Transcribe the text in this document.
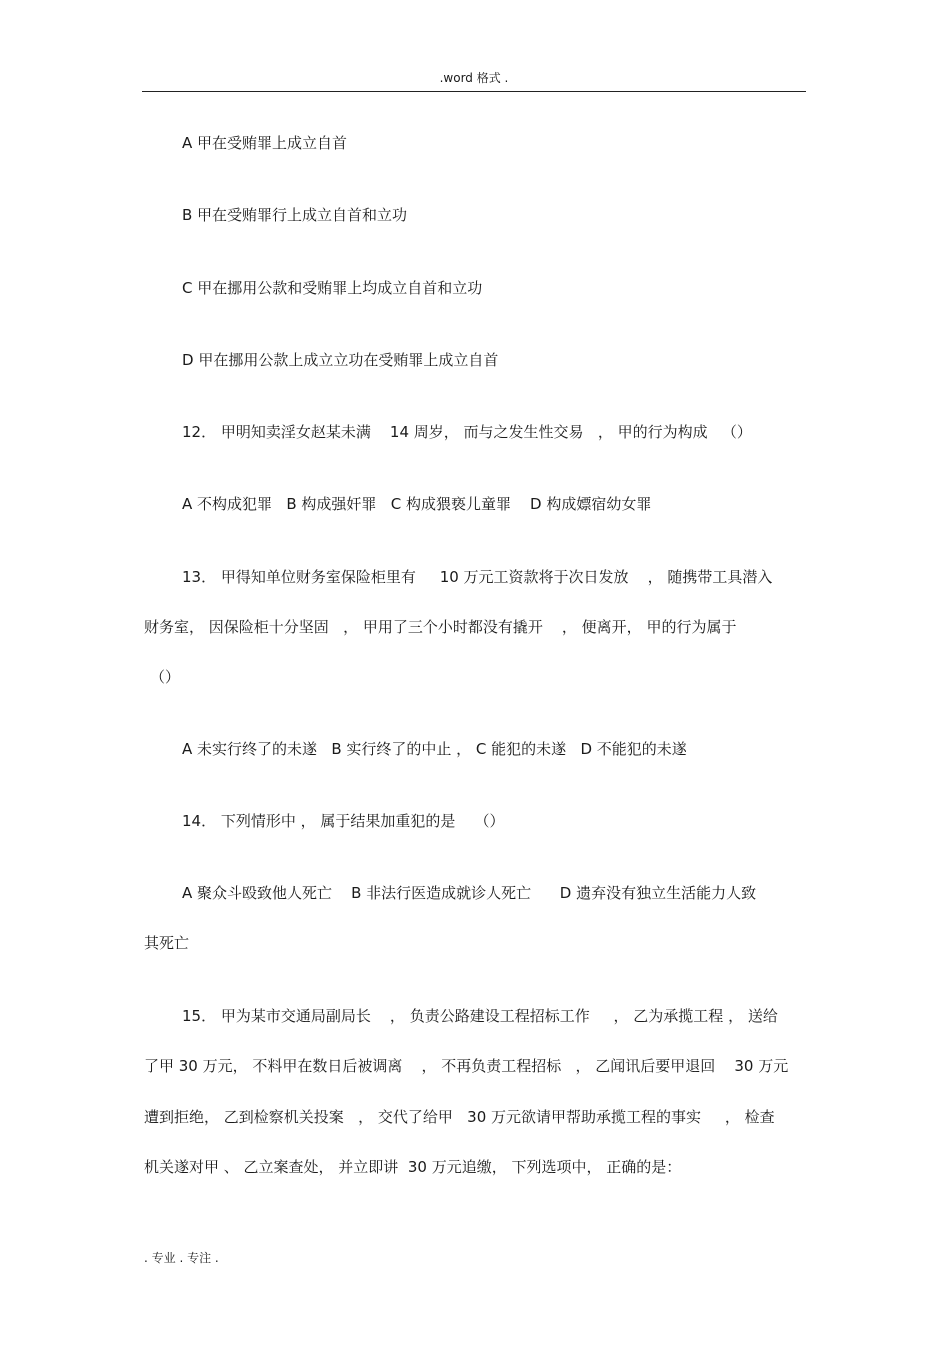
.word 格式 .
A 甲在受贿罪上成立自首
B 甲在受贿罪行上成立自首和立功
C 甲在挪用公款和受贿罪上均成立自首和立功
D 甲在挪用公款上成立立功在受贿罪上成立自首
12． 甲明知卖淫女赵某未满    14 周岁， 而与之发生性交易   ， 甲的行为构成   （）
A 不构成犯罪   B 构成强奸罪   C 构成猥亵儿童罪    D 构成嫖宿幼女罪
13． 甲得知单位财务室保险柜里有     10 万元工资款将于次日发放    ， 随携带工具潜入
财务室， 因保险柜十分坚固   ， 甲用了三个小时都没有撬开    ， 便离开， 甲的行为属于
（）
A 未实行终了的未遂   B 实行终了的中止 ， C 能犯的未遂   D 不能犯的未遂
14． 下列情形中 ， 属于结果加重犯的是    （）
A 聚众斗殴致他人死亡    B 非法行医造成就诊人死亡      D 遗弃没有独立生活能力人致
其死亡
15． 甲为某市交通局副局长    ， 负责公路建设工程招标工作     ， 乙为承揽工程 ， 送给
了甲 30 万元， 不料甲在数日后被调离    ， 不再负责工程招标   ， 乙闻讯后要甲退回    30 万元
遭到拒绝， 乙到检察机关投案   ， 交代了给甲   30 万元欲请甲帮助承揽工程的事实     ， 检查
机关遂对甲 、 乙立案查处， 并立即讲  30 万元追缴， 下列选项中， 正确的是：
. 专业 . 专注 .
